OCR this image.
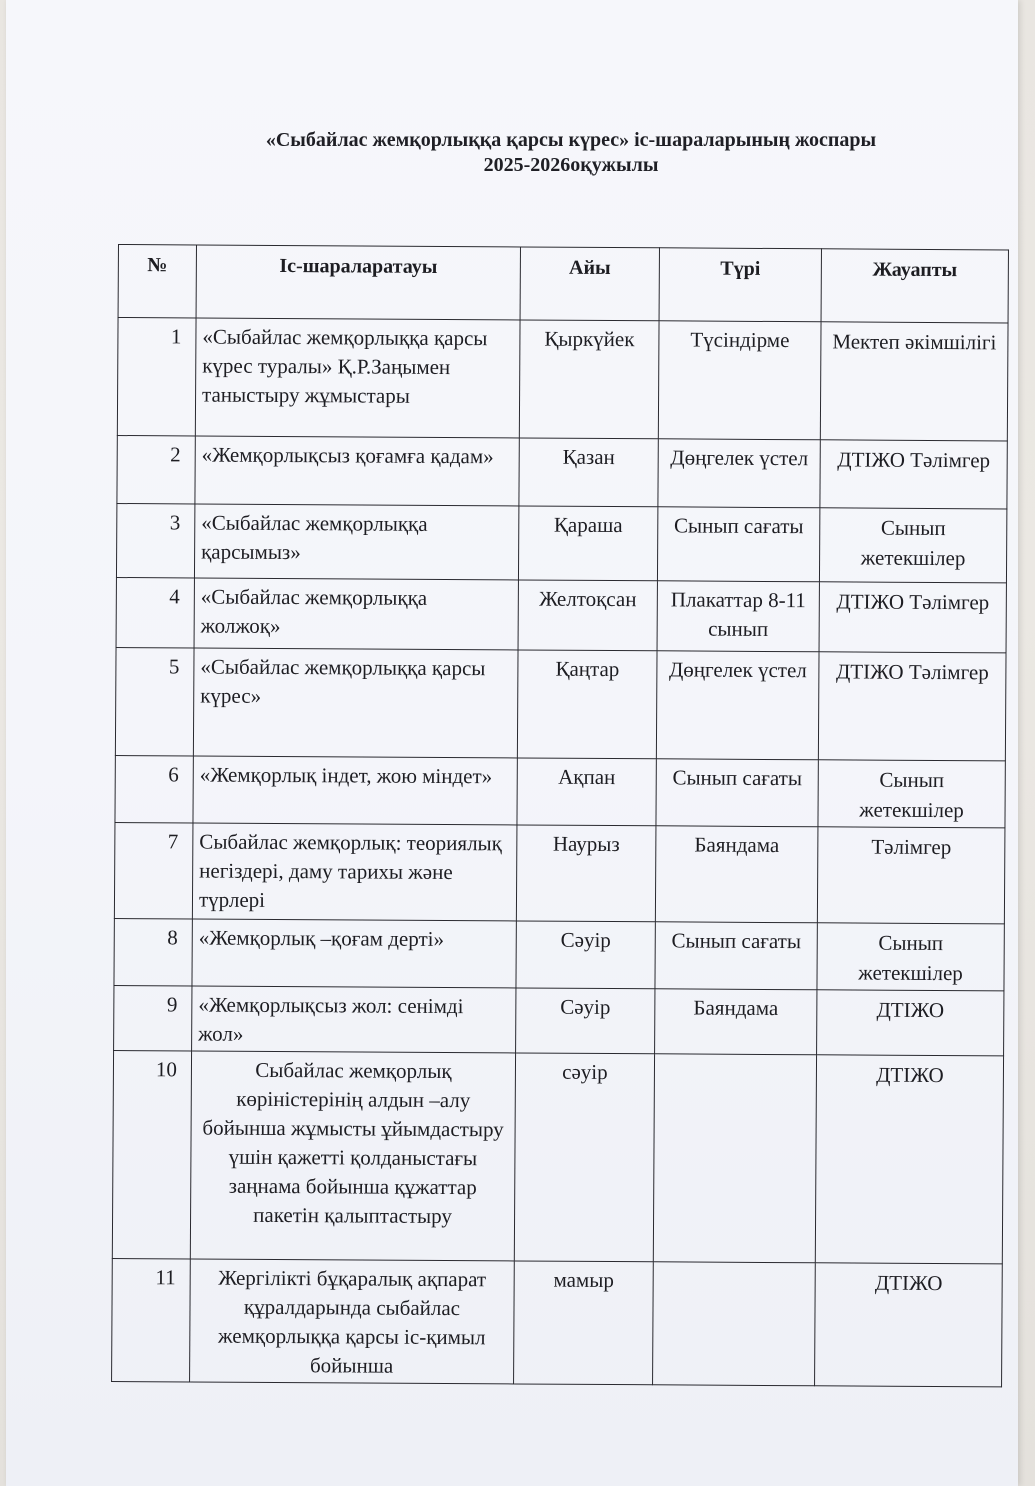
«Сыбайлас жемқорлыққа қарсы күрес» іс-шараларының жоспары
2025-2026оқужылы
№	Іс-шараларатауы	Айы	Түрі	Жауапты
1	«Сыбайлас жемқорлыққа қарсы күрес туралы» Қ.Р.Заңымен таныстыру жұмыстары	Қыркүйек	Түсіндірме	Мектеп әкімшілігі
2	«Жемқорлықсыз қоғамға қадам»	Қазан	Дөңгелек үстел	ДТІЖО Тәлімгер
3	«Сыбайлас жемқорлыққа қарсымыз»	Қараша	Сынып сағаты	Сынып жетекшілер
4	«Сыбайлас жемқорлыққа жолжоқ»	Желтоқсан	Плакаттар 8-11 сынып	ДТІЖО Тәлімгер
5	«Сыбайлас жемқорлыққа қарсы күрес»	Қаңтар	Дөңгелек үстел	ДТІЖО Тәлімгер
6	«Жемқорлық індет, жою міндет»	Ақпан	Сынып сағаты	Сынып жетекшілер
7	Сыбайлас жемқорлық: теориялық негіздері, даму тарихы және түрлері	Наурыз	Баяндама	Тәлімгер
8	«Жемқорлық –қоғам дерті»	Сәуір	Сынып сағаты	Сынып жетекшілер
9	«Жемқорлықсыз жол: сенімді жол»	Сәуір	Баяндама	ДТІЖО
10	Сыбайлас жемқорлық көріністерінің алдын –алу бойынша жұмысты ұйымдастыру үшін қажетті қолданыстағы заңнама бойынша құжаттар пакетін қалыптастыру	сәуір		ДТІЖО
11	Жергілікті бұқаралық ақпарат құралдарында сыбайлас жемқорлыққа қарсы іс-қимыл бойынша	мамыр		ДТІЖО
